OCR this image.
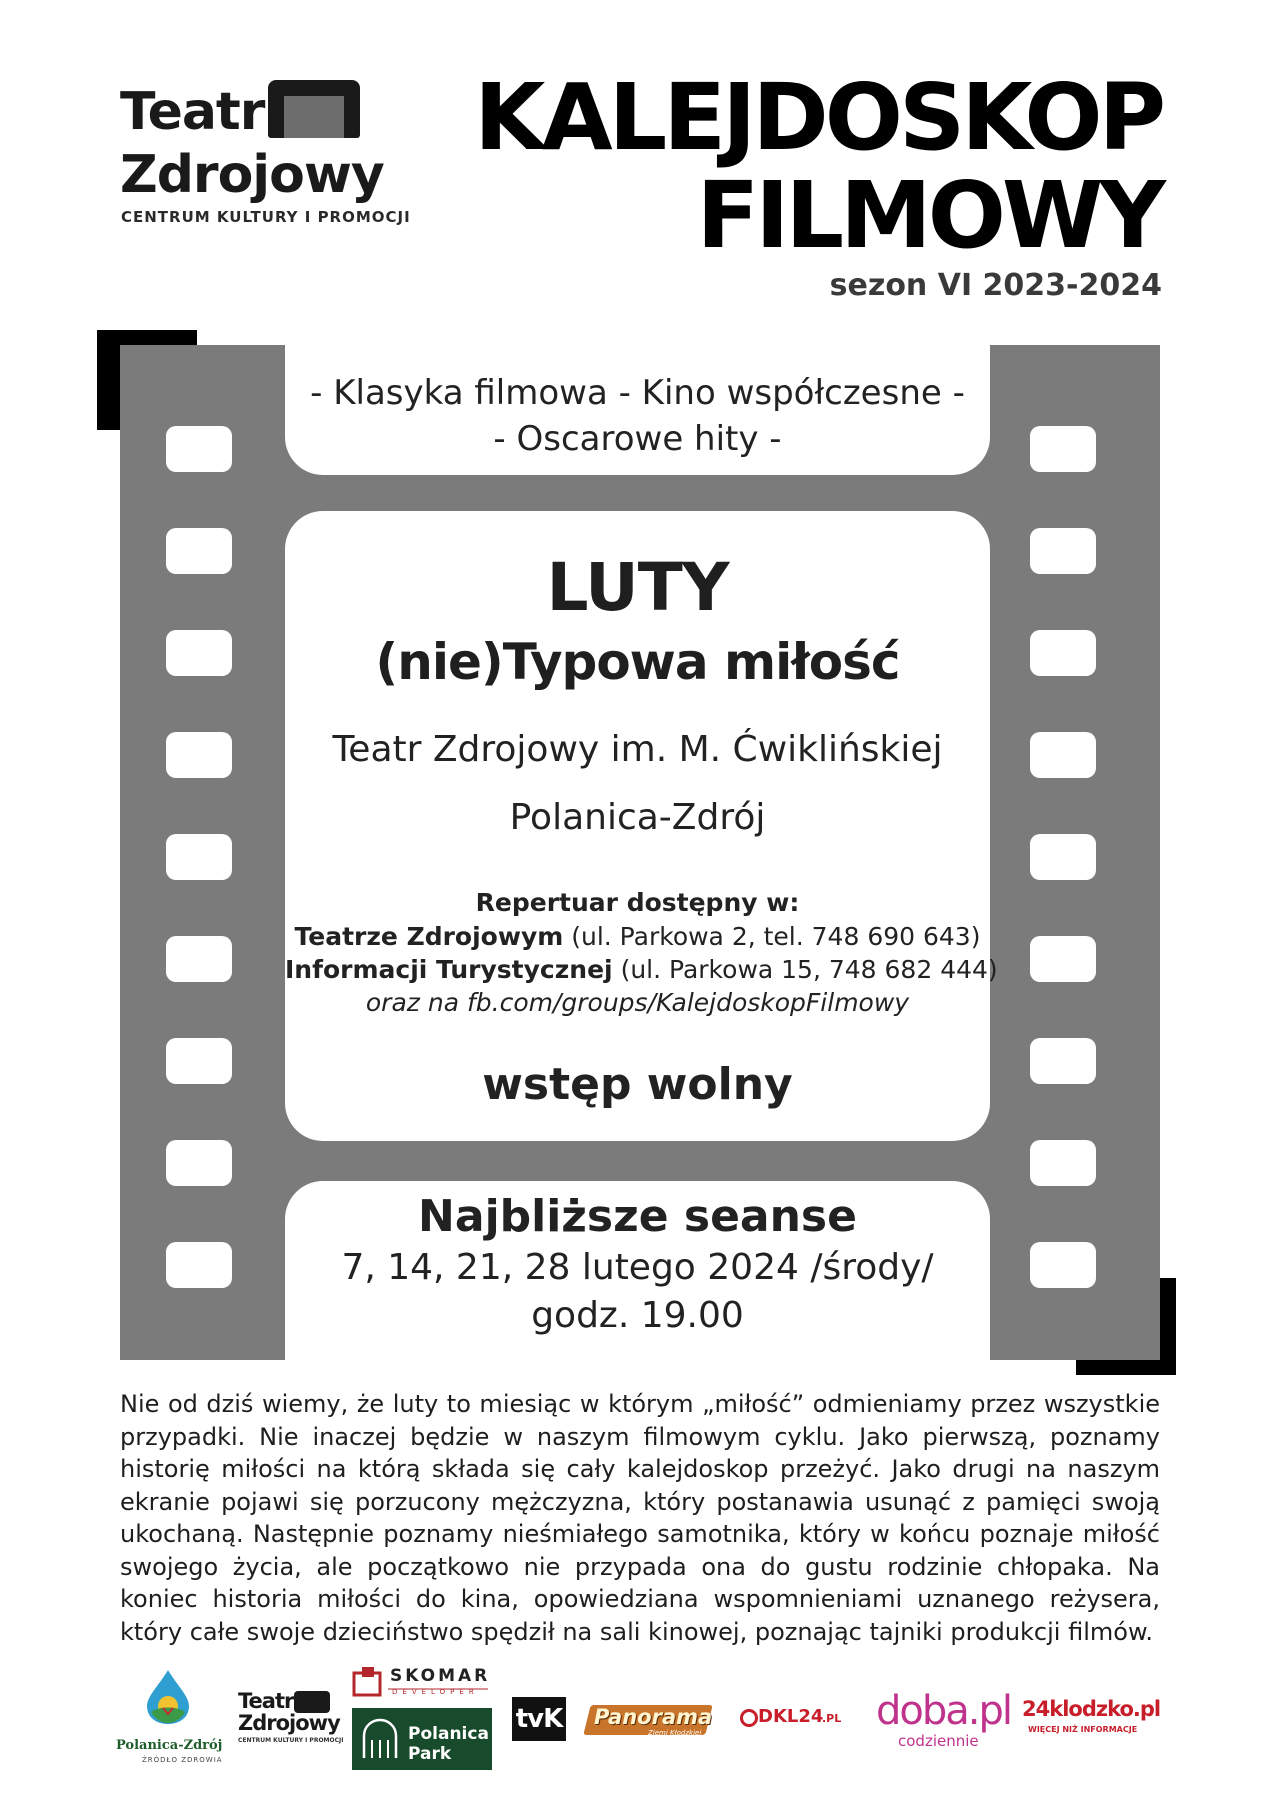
Teatr
Zdrojowy
CENTRUM KULTURY I PROMOCJI
KALEJDOSKOP
FILMOWY
sezon VI 2023-2024
- Klasyka filmowa - Kino współczesne -
- Oscarowe hity -
LUTY
(nie)Typowa miłość
Teatr Zdrojowy im. M. Ćwiklińskiej
Polanica-Zdrój
Repertuar dostępny w:
Teatrze Zdrojowym (ul. Parkowa 2, tel. 748 690 643)
Informacji Turystycznej (ul. Parkowa 15, 748 682 444)
oraz na fb.com/groups/KalejdoskopFilmowy
wstęp wolny
Najbliższe seanse
7, 14, 21, 28 lutego 2024 /środy/
godz. 19.00

Nie od dziś wiemy, że luty to miesiąc w którym „miłość” odmieniamy przez wszystkie przypadki. Nie inaczej będzie w naszym filmowym cyklu. Jako pierwszą, poznamy historię miłości na którą składa się cały kalejdoskop przeżyć. Jako drugi na naszym ekranie pojawi się porzucony mężczyzna, który postanawia usunąć z pamięci swoją ukochaną. Następnie poznamy nieśmiałego samotnika, który w końcu poznaje miłość swojego życia, ale początkowo nie przypada ona do gustu rodzinie chłopaka. Na koniec historia miłości do kina, opowiedziana wspomnieniami uznanego reżysera, który całe swoje dzieciństwo spędził na sali kinowej, poznając tajniki produkcji filmów.

Polanica-Zdrój
ŹRÓDŁO ZDROWIA
Teatr
Zdrojowy
CENTRUM KULTURY I PROMOCJI
SKOMAR
DEVELOPER
Polanica
Park
tvK Panorama
Ziemi Kłodzkiej
DKL24
.PL doba.pl
codziennie
24klodzko.pl
WIĘCEJ NIŻ INFORMACJE
